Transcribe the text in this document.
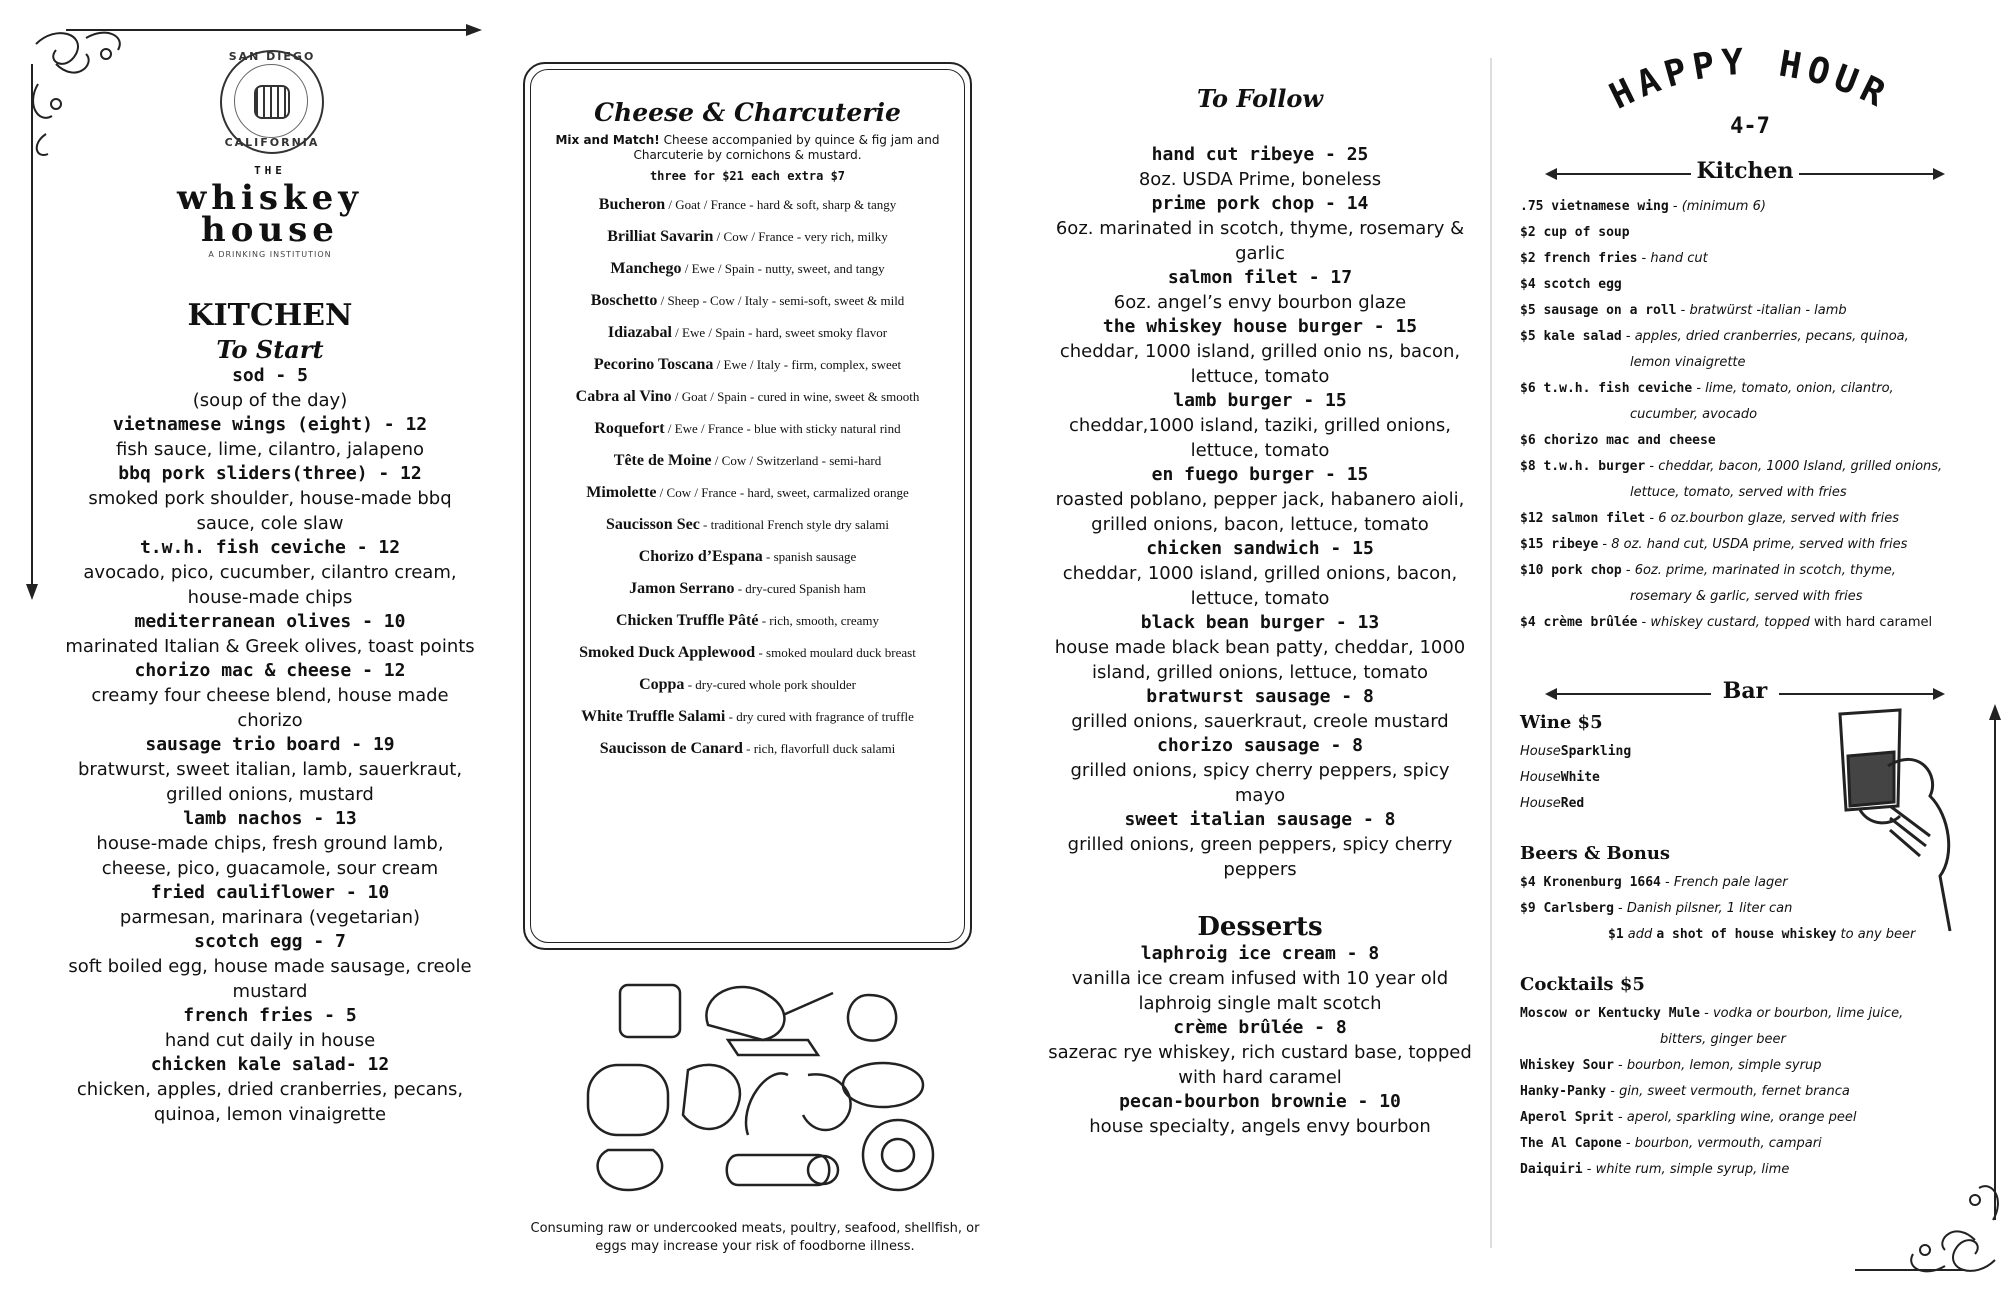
SAN DIEGO
CALIFORNIA
THE
whiskey
house
A DRINKING INSTITUTION
KITCHEN
To Start
sod - 5
(soup of the day)
vietnamese wings (eight) - 12
fish sauce, lime, cilantro, jalapeno
bbq pork sliders(three) - 12
smoked pork shoulder, house-made bbq sauce, cole slaw
t.w.h. fish ceviche - 12
avocado, pico, cucumber, cilantro cream, house-made chips
mediterranean olives - 10
marinated Italian & Greek olives, toast points
chorizo mac & cheese - 12
creamy four cheese blend, house made chorizo
sausage trio board - 19
bratwurst, sweet italian, lamb, sauerkraut, grilled onions, mustard
lamb nachos - 13
house-made chips, fresh ground lamb, cheese, pico, guacamole, sour cream
fried cauliflower - 10
parmesan, marinara (vegetarian)
scotch egg - 7
soft boiled egg, house made sausage, creole mustard
french fries - 5
hand cut daily in house
chicken kale salad- 12
chicken, apples, dried cranberries, pecans, quinoa, lemon vinaigrette
Cheese & Charcuterie
Mix and Match! Cheese accompanied by quince & fig jam and Charcuterie by cornichons & mustard.
three for $21 each extra $7
Bucheron / Goat / France - hard & soft, sharp & tangy
Brilliat Savarin / Cow / France - very rich, milky
Manchego / Ewe / Spain - nutty, sweet, and tangy
Boschetto / Sheep - Cow / Italy - semi-soft, sweet & mild
Idiazabal / Ewe / Spain - hard, sweet smoky flavor
Pecorino Toscana / Ewe / Italy - firm, complex, sweet
Cabra al Vino / Goat / Spain - cured in wine, sweet & smooth
Roquefort / Ewe / France - blue with sticky natural rind
Tête de Moine / Cow / Switzerland - semi-hard
Mimolette / Cow / France - hard, sweet, carmalized orange
Saucisson Sec - traditional French style dry salami
Chorizo d’Espana - spanish sausage
Jamon Serrano - dry-cured Spanish ham
Chicken Truffle Pâté - rich, smooth, creamy
Smoked Duck Applewood - smoked moulard duck breast
Coppa - dry-cured whole pork shoulder
White Truffle Salami - dry cured with fragrance of truffle
Saucisson de Canard - rich, flavorfull duck salami
Consuming raw or undercooked meats, poultry, seafood, shellfish, or eggs may increase your risk of foodborne illness.
To Follow
hand cut ribeye - 25
8oz. USDA Prime, boneless
prime pork chop - 14
6oz. marinated in scotch, thyme, rosemary & garlic
salmon filet - 17
6oz. angel’s envy bourbon glaze
the whiskey house burger - 15
cheddar, 1000 island, grilled onio ns, bacon, lettuce, tomato
lamb burger - 15
cheddar,1000 island, taziki, grilled onions, lettuce, tomato
en fuego burger - 15
roasted poblano, pepper jack, habanero aioli, grilled onions, bacon, lettuce, tomato
chicken sandwich - 15
cheddar, 1000 island, grilled onions, bacon, lettuce, tomato
black bean burger - 13
house made black bean patty, cheddar, 1000 island, grilled onions, lettuce, tomato
bratwurst sausage - 8
grilled onions, sauerkraut, creole mustard
chorizo sausage - 8
grilled onions, spicy cherry peppers, spicy mayo
sweet italian sausage - 8
grilled onions, green peppers, spicy cherry peppers
Desserts
laphroig ice cream - 8
vanilla ice cream infused with 10 year old laphroig single malt scotch
crème brûlée - 8
sazerac rye whiskey, rich custard base, topped with hard caramel
pecan-bourbon brownie - 10
house specialty, angels envy bourbon
HAPPY HOUR
4-7
Kitchen
.75 vietnamese wing - (minimum 6)
$2 cup of soup
$2 french fries - hand cut
$4 scotch egg
$5 sausage on a roll - bratwürst -italian - lamb
$5 kale salad - apples, dried cranberries, pecans, quinoa,
lemon vinaigrette
$6 t.w.h. fish ceviche - lime, tomato, onion, cilantro,
cucumber, avocado
$6 chorizo mac and cheese
$8 t.w.h. burger - cheddar, bacon, 1000 Island, grilled onions,
lettuce, tomato, served with fries
$12 salmon filet - 6 oz.bourbon glaze, served with fries
$15 ribeye - 8 oz. hand cut, USDA prime, served with fries
$10 pork chop - 6oz. prime, marinated in scotch, thyme,
rosemary & garlic, served with fries
$4 crème brûlée - whiskey custard, topped with hard caramel
Bar
Wine $5
HouseSparkling
HouseWhite
HouseRed
Beers & Bonus
$4 Kronenburg 1664 - French pale lager
$9 Carlsberg - Danish pilsner, 1 liter can
$1 add a shot of house whiskey to any beer
Cocktails $5
Moscow or Kentucky Mule - vodka or bourbon, lime juice,
bitters, ginger beer
Whiskey Sour - bourbon, lemon, simple syrup
Hanky-Panky - gin, sweet vermouth, fernet branca
Aperol Sprit - aperol, sparkling wine, orange peel
The Al Capone - bourbon, vermouth, campari
Daiquiri - white rum, simple syrup, lime
